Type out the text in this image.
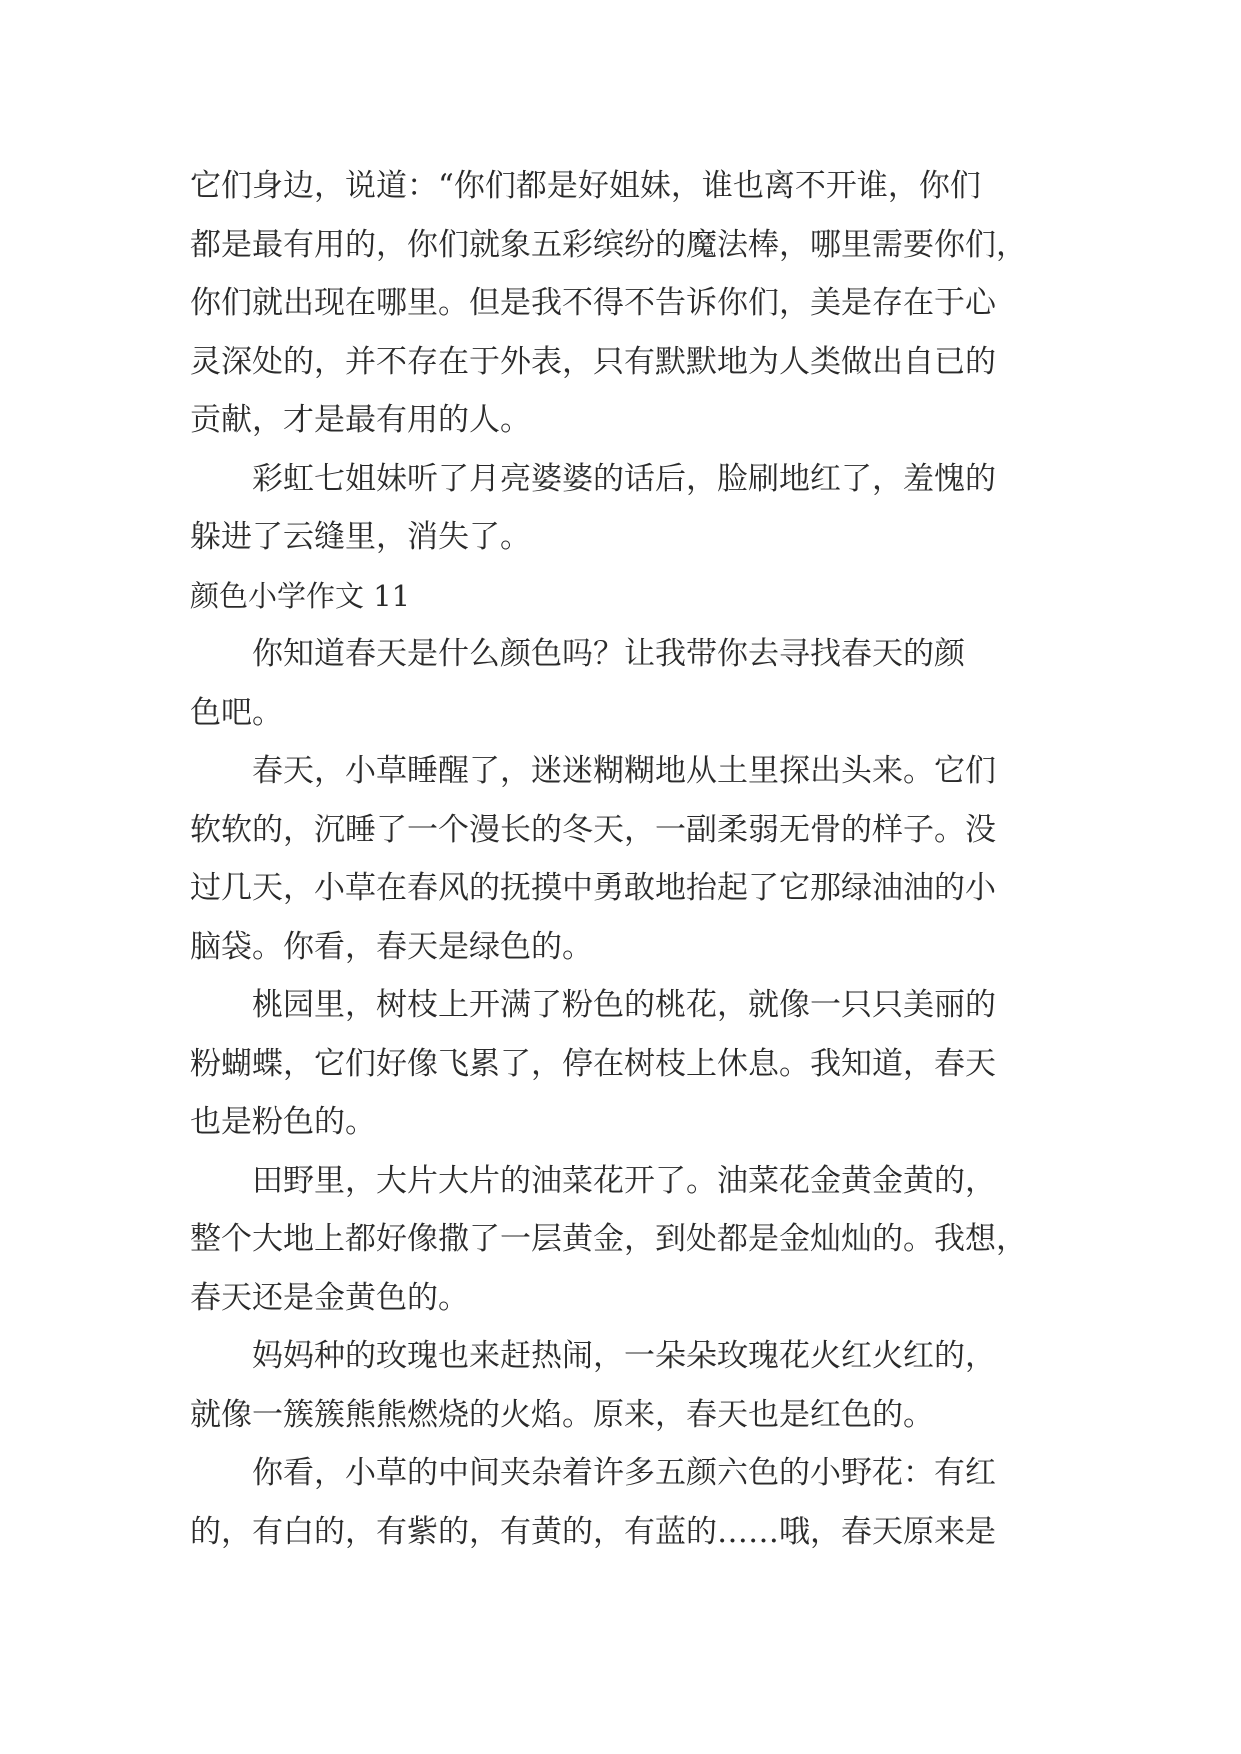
它们身边，说道：“你们都是好姐妹，谁也离不开谁，你们
都是最有用的，你们就象五彩缤纷的魔法棒，哪里需要你们，
你们就出现在哪里。但是我不得不告诉你们，美是存在于心
灵深处的，并不存在于外表，只有默默地为人类做出自已的
贡献，才是最有用的人。

彩虹七姐妹听了月亮婆婆的话后，脸刷地红了，羞愧的
躲进了云缝里，消失了。

颜色小学作文 11

你知道春天是什么颜色吗？让我带你去寻找春天的颜
色吧。

春天，小草睡醒了，迷迷糊糊地从土里探出头来。它们
软软的，沉睡了一个漫长的冬天，一副柔弱无骨的样子。没
过几天，小草在春风的抚摸中勇敢地抬起了它那绿油油的小
脑袋。你看，春天是绿色的。

桃园里，树枝上开满了粉色的桃花，就像一只只美丽的
粉蝴蝶，它们好像飞累了，停在树枝上休息。我知道，春天
也是粉色的。

田野里，大片大片的油菜花开了。油菜花金黄金黄的，
整个大地上都好像撒了一层黄金，到处都是金灿灿的。我想，
春天还是金黄色的。

妈妈种的玫瑰也来赶热闹，一朵朵玫瑰花火红火红的，
就像一簇簇熊熊燃烧的火焰。原来，春天也是红色的。

你看，小草的中间夹杂着许多五颜六色的小野花：有红
的，有白的，有紫的，有黄的，有蓝的……哦，春天原来是
